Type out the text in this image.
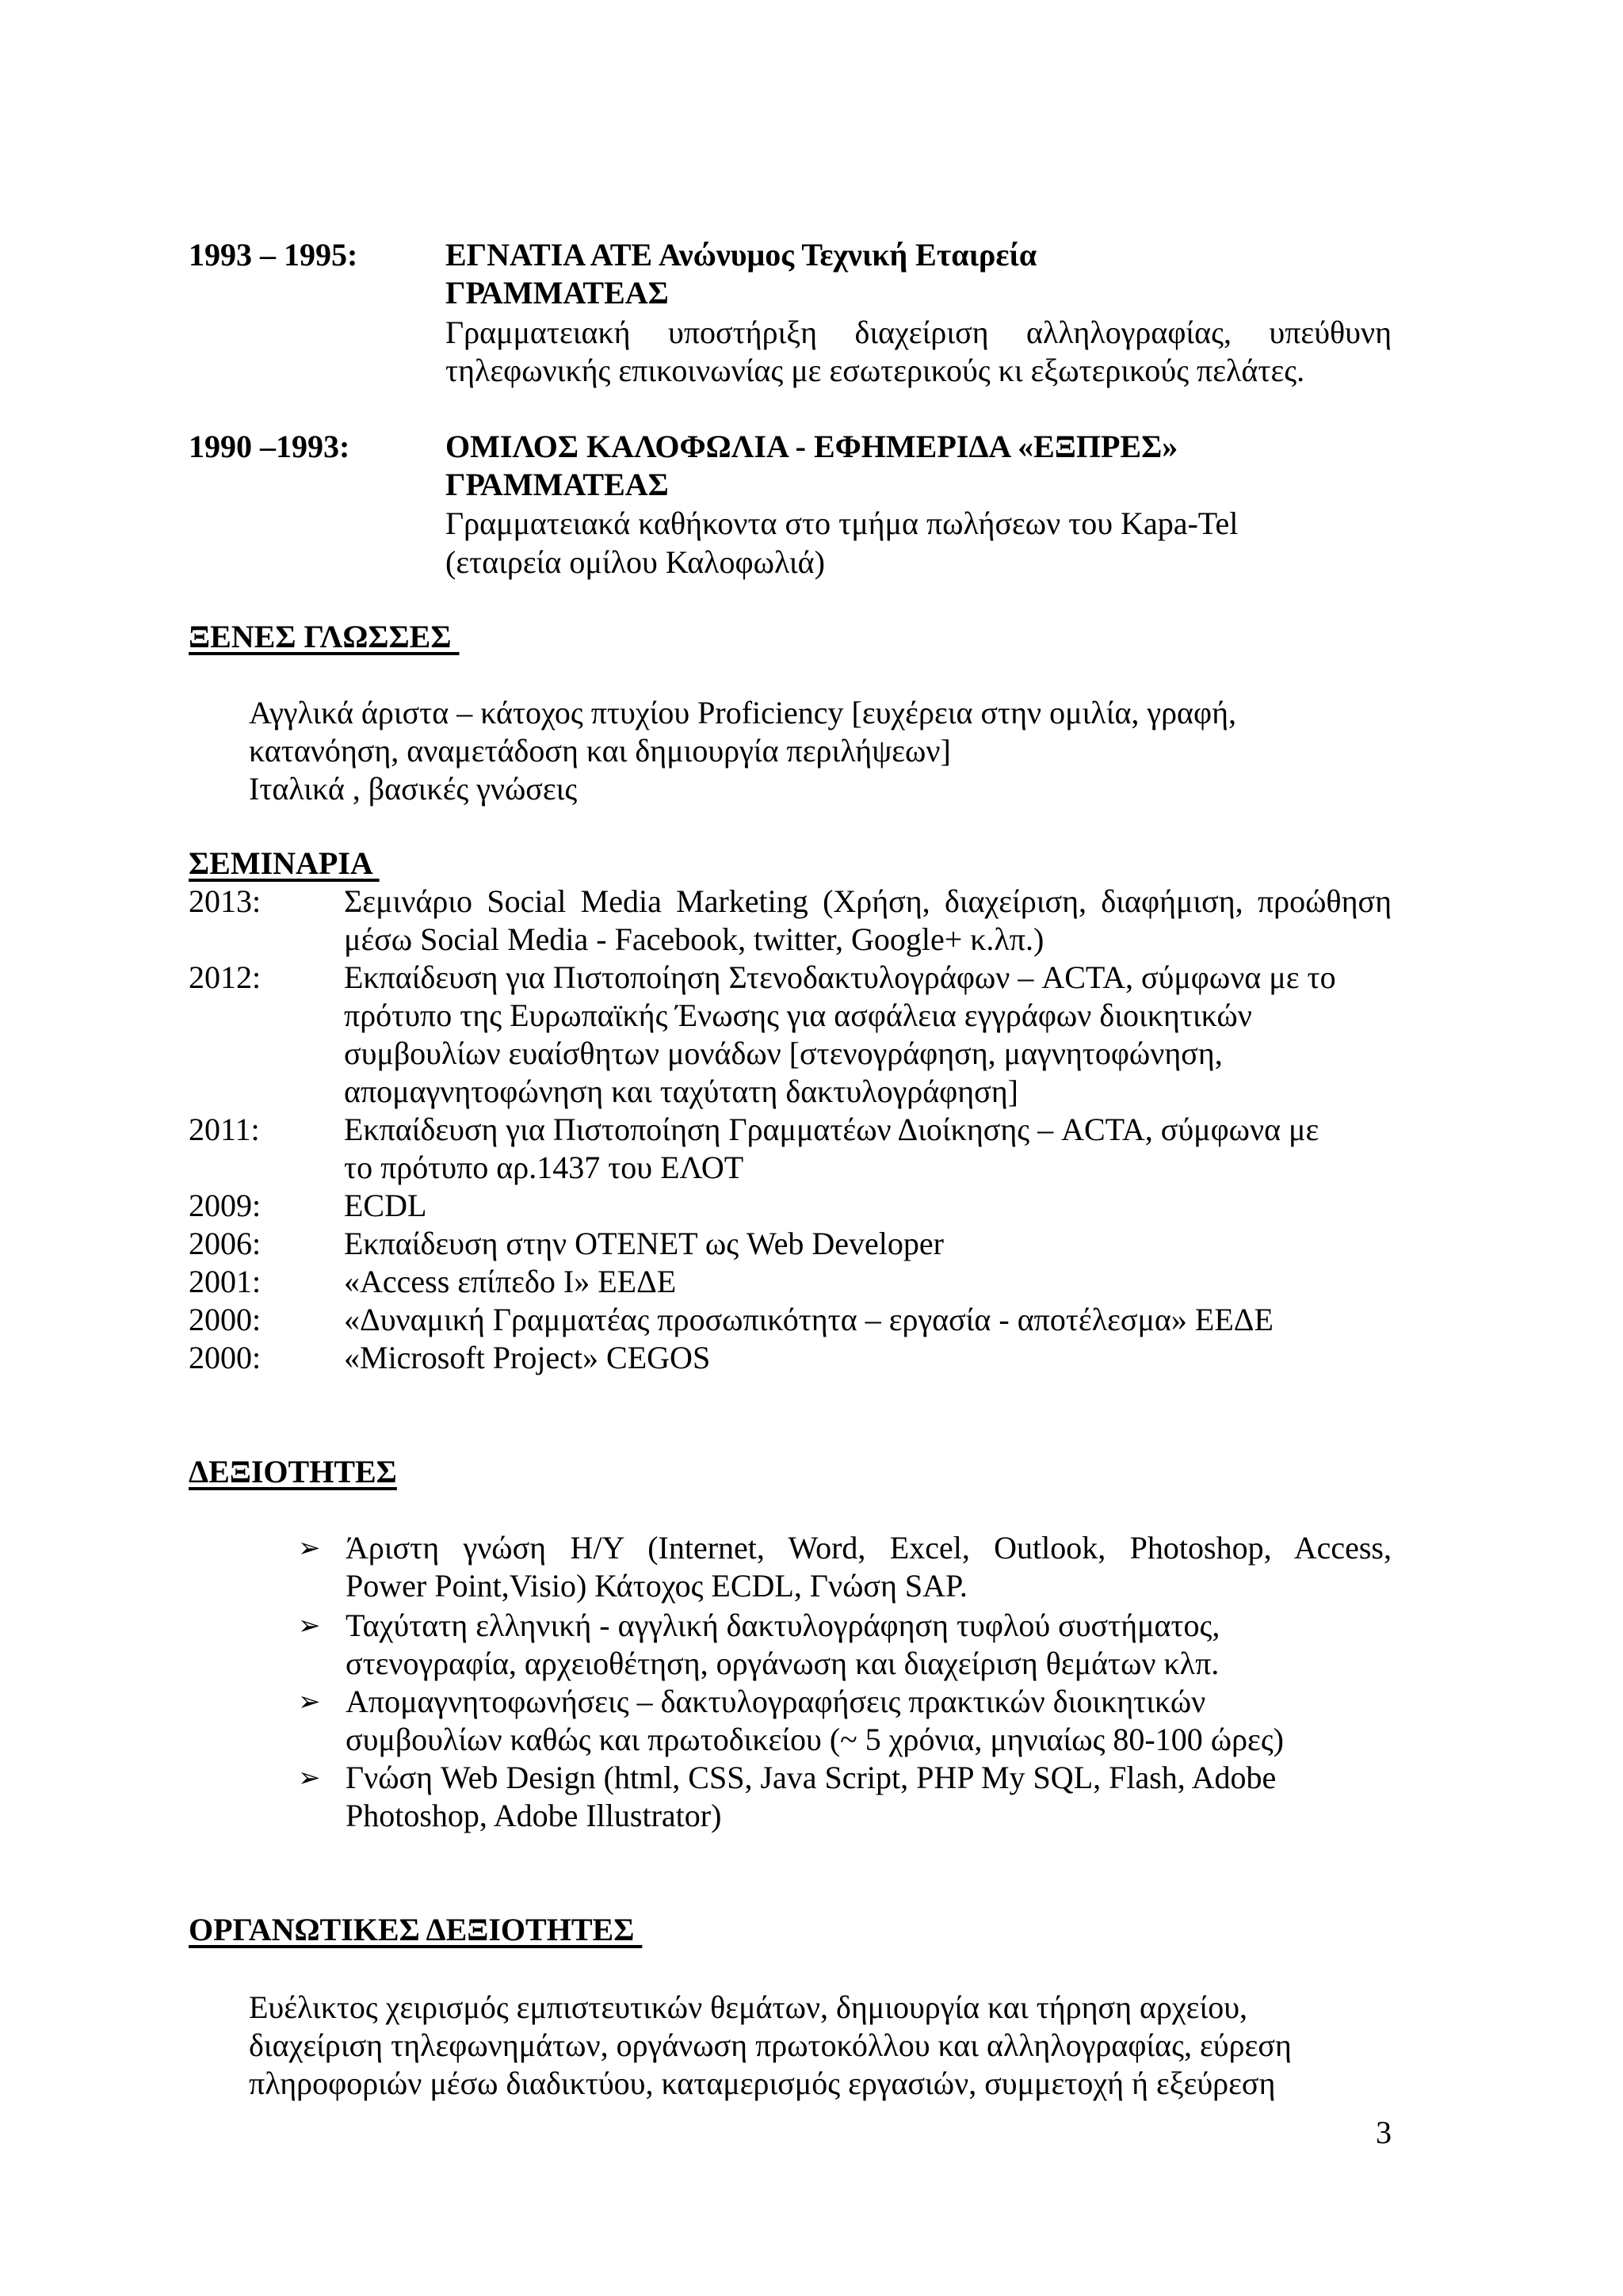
1993 – 1995:	ΕΓΝΑΤΙΑ ΑΤΕ Ανώνυμος Τεχνική Εταιρεία
ΓΡΑΜΜΑΤΕΑΣ
Γραμματειακή υποστήριξη διαχείριση αλληλογραφίας, υπεύθυνη
τηλεφωνικής επικοινωνίας με εσωτερικούς κι εξωτερικούς πελάτες.
1990 –1993:	ΟΜΙΛΟΣ ΚΑΛΟΦΩΛΙΑ - ΕΦΗΜΕΡΙΔΑ «ΕΞΠΡΕΣ»
ΓΡΑΜΜΑΤΕΑΣ
Γραμματειακά καθήκοντα στο τμήμα πωλήσεων του Kapa-Tel
(εταιρεία ομίλου Καλοφωλιά)
ΞΕΝΕΣ ΓΛΩΣΣΕΣ
Αγγλικά άριστα – κάτοχος πτυχίου Proficiency [ευχέρεια στην ομιλία, γραφή,
κατανόηση, αναμετάδοση και δημιουργία περιλήψεων]
Ιταλικά , βασικές γνώσεις
ΣΕΜΙΝΑΡΙΑ
2013:	Σεμινάριο Social Media Marketing (Χρήση, διαχείριση, διαφήμιση, προώθηση
μέσω Social Media - Facebook, twitter, Google+ κ.λπ.)
2012:	Εκπαίδευση για Πιστοποίηση Στενοδακτυλογράφων – ACTA, σύμφωνα με το
πρότυπο της Ευρωπαϊκής Ένωσης για ασφάλεια εγγράφων διοικητικών
συμβουλίων ευαίσθητων μονάδων [στενογράφηση, μαγνητοφώνηση,
απομαγνητοφώνηση και ταχύτατη δακτυλογράφηση]
2011:	Εκπαίδευση για Πιστοποίηση Γραμματέων Διοίκησης – ACTA, σύμφωνα με
το πρότυπο αρ.1437 του ΕΛΟΤ
2009:	ECDL
2006:	Εκπαίδευση στην ΟΤΕΝΕΤ ως Web Developer
2001:	«Access επίπεδο Ι» ΕΕΔΕ
2000:	«Δυναμική Γραμματέας προσωπικότητα – εργασία - αποτέλεσμα» ΕΕΔΕ
2000:	«Microsoft Project» CEGOS
ΔΕΞΙΟΤΗΤΕΣ
➢ Άριστη γνώση Η/Υ (Internet, Word, Excel, Outlook, Photoshop, Access,
Power Point,Visio) Κάτοχος ECDL, Γνώση SAP.
➢ Ταχύτατη ελληνική - αγγλική δακτυλογράφηση τυφλού συστήματος,
στενογραφία, αρχειοθέτηση, οργάνωση και διαχείριση θεμάτων κλπ.
➢ Απομαγνητοφωνήσεις – δακτυλογραφήσεις πρακτικών διοικητικών
συμβουλίων καθώς και πρωτοδικείου (~ 5 χρόνια, μηνιαίως 80-100 ώρες)
➢ Γνώση Web Design (html, CSS, Java Script, PHP My SQL, Flash, Adobe
Photoshop, Adobe Illustrator)
ΟΡΓΑΝΩΤΙΚΕΣ ΔΕΞΙΟΤΗΤΕΣ
Ευέλικτος χειρισμός εμπιστευτικών θεμάτων, δημιουργία και τήρηση αρχείου,
διαχείριση τηλεφωνημάτων, οργάνωση πρωτοκόλλου και αλληλογραφίας, εύρεση
πληροφοριών μέσω διαδικτύου, καταμερισμός εργασιών, συμμετοχή ή εξεύρεση
3
